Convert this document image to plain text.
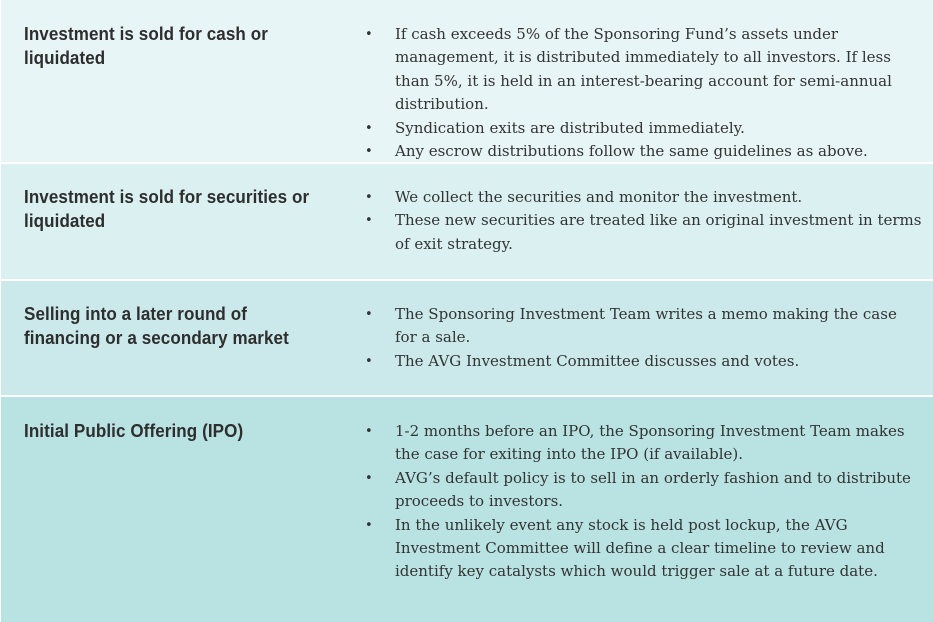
Investment is sold for cash or liquidated
• If cash exceeds 5% of the Sponsoring Fund’s assets under management, it is distributed immediately to all investors. If less than 5%, it is held in an interest-bearing account for semi-annual distribution.
• Syndication exits are distributed immediately.
• Any escrow distributions follow the same guidelines as above.
Investment is sold for securities or liquidated
• We collect the securities and monitor the investment.
• These new securities are treated like an original investment in terms of exit strategy.
Selling into a later round of financing or a secondary market
• The Sponsoring Investment Team writes a memo making the case for a sale.
• The AVG Investment Committee discusses and votes.
Initial Public Offering (IPO)
•	1-2 months before an IPO, the Sponsoring Investment Team makes the case for exiting into the IPO (if available).
• AVG’s default policy is to sell in an orderly fashion and to distribute proceeds to investors.
• In the unlikely event any stock is held post lockup, the AVG Investment Committee will define a clear timeline to review and identify key catalysts which would trigger sale at a future date.
